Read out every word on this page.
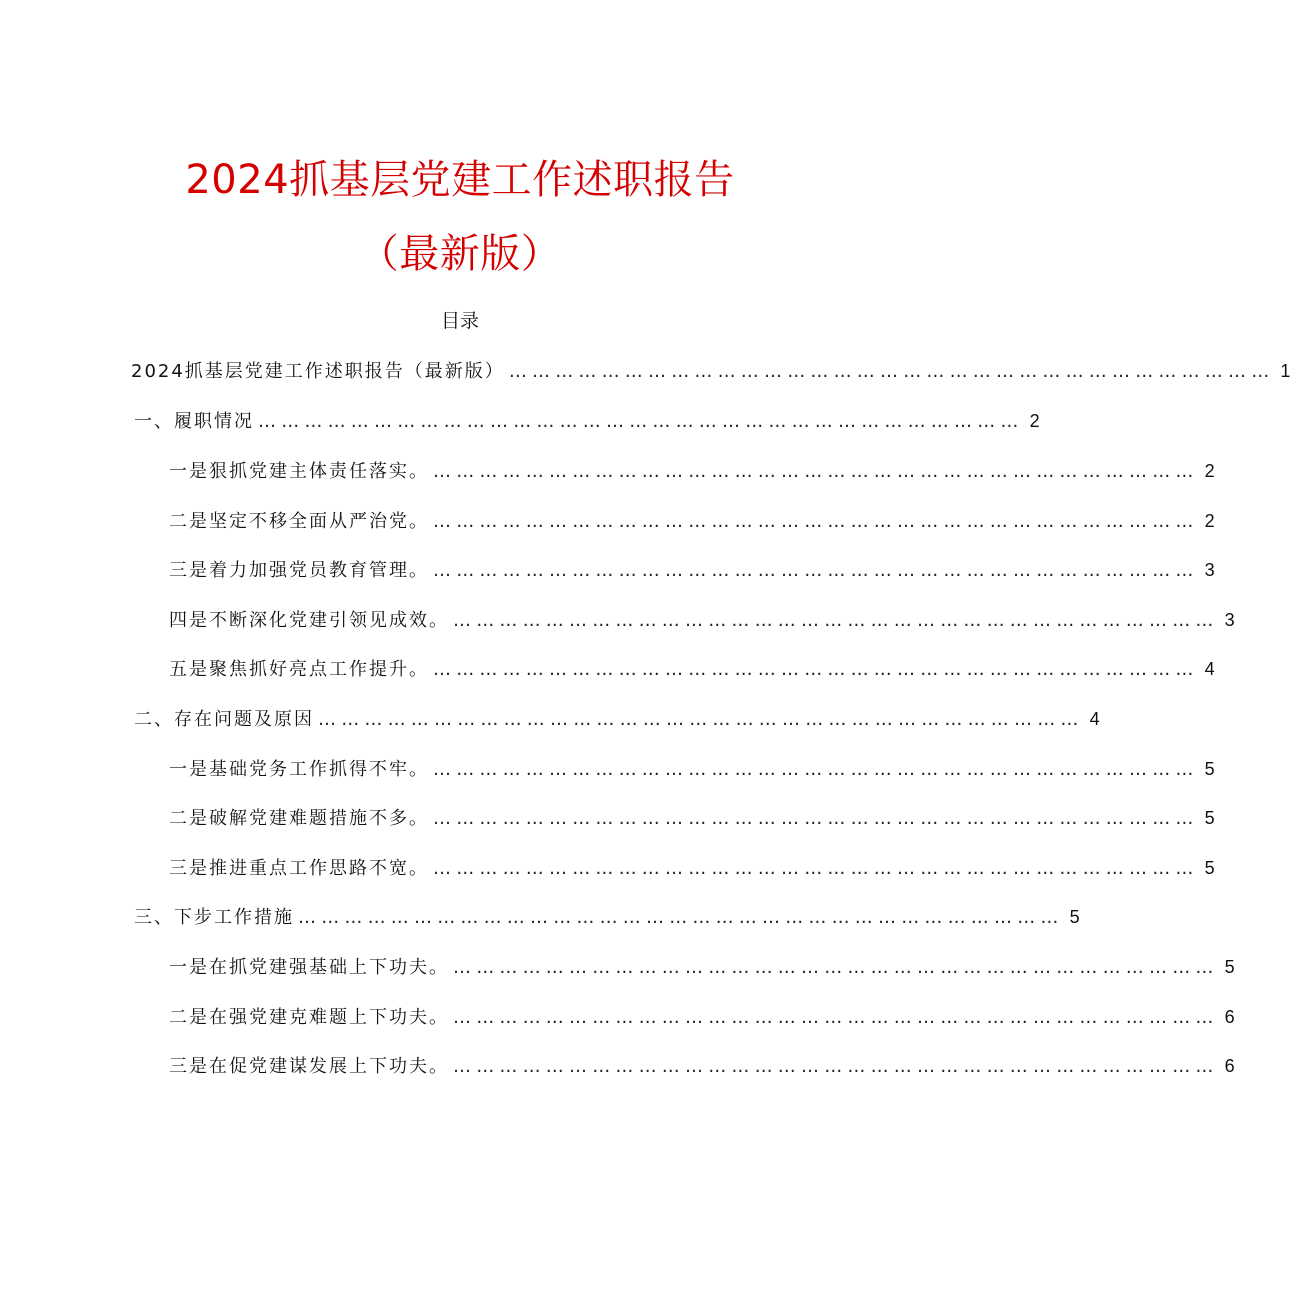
2024抓基层党建工作述职报告
（最新版）
目录
2024抓基层党建工作述职报告（最新版） ……………………………………………………………………………………… 1
一、履职情况 ……………………………………………………………………………………… 2
一是狠抓党建主体责任落实。 ……………………………………………………………………………………… 2
二是坚定不移全面从严治党。 ……………………………………………………………………………………… 2
三是着力加强党员教育管理。 ……………………………………………………………………………………… 3
四是不断深化党建引领见成效。 ……………………………………………………………………………………… 3
五是聚焦抓好亮点工作提升。 ……………………………………………………………………………………… 4
二、存在问题及原因 ……………………………………………………………………………………… 4
一是基础党务工作抓得不牢。 ……………………………………………………………………………………… 5
二是破解党建难题措施不多。 ……………………………………………………………………………………… 5
三是推进重点工作思路不宽。 ……………………………………………………………………………………… 5
三、下步工作措施 ……………………………………………………………………………………… 5
一是在抓党建强基础上下功夫。 ……………………………………………………………………………………… 5
二是在强党建克难题上下功夫。 ……………………………………………………………………………………… 6
三是在促党建谋发展上下功夫。 ……………………………………………………………………………………… 6
